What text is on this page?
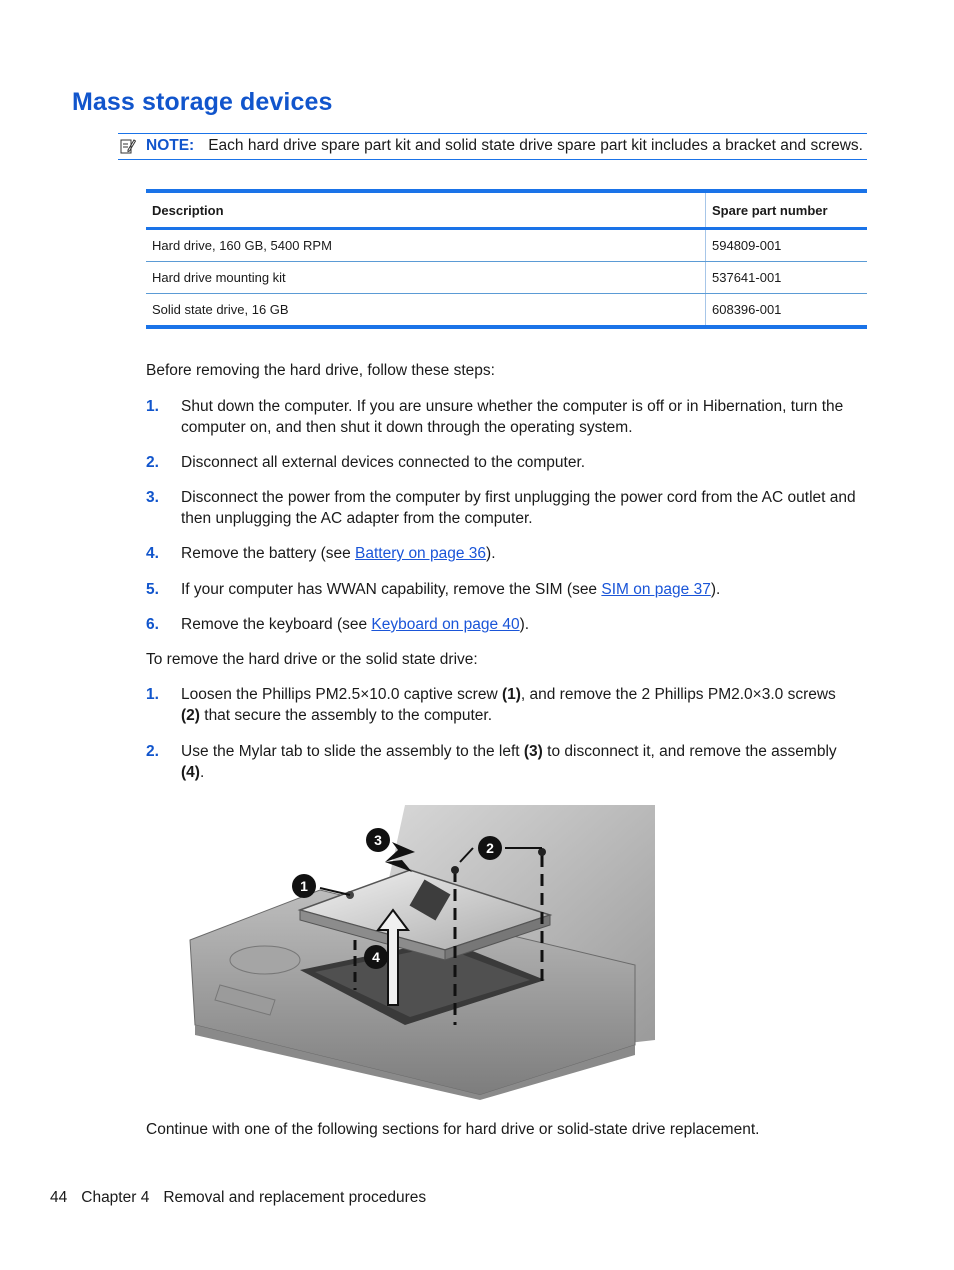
Mass storage devices
NOTE: Each hard drive spare part kit and solid state drive spare part kit includes a bracket and screws.
Description	Spare part number
Hard drive, 160 GB, 5400 RPM	594809-001
Hard drive mounting kit	537641-001
Solid state drive, 16 GB	608396-001
Before removing the hard drive, follow these steps:
1. Shut down the computer. If you are unsure whether the computer is off or in Hibernation, turn the computer on, and then shut it down through the operating system.
2. Disconnect all external devices connected to the computer.
3. Disconnect the power from the computer by first unplugging the power cord from the AC outlet and then unplugging the AC adapter from the computer.
4. Remove the battery (see Battery on page 36).
5. If your computer has WWAN capability, remove the SIM (see SIM on page 37).
6. Remove the keyboard (see Keyboard on page 40).
To remove the hard drive or the solid state drive:
1. Loosen the Phillips PM2.5×10.0 captive screw (1), and remove the 2 Phillips PM2.0×3.0 screws (2) that secure the assembly to the computer.
2. Use the Mylar tab to slide the assembly to the left (3) to disconnect it, and remove the assembly (4).
1
2
3
4
Continue with one of the following sections for hard drive or solid-state drive replacement.
44 Chapter 4 Removal and replacement procedures
